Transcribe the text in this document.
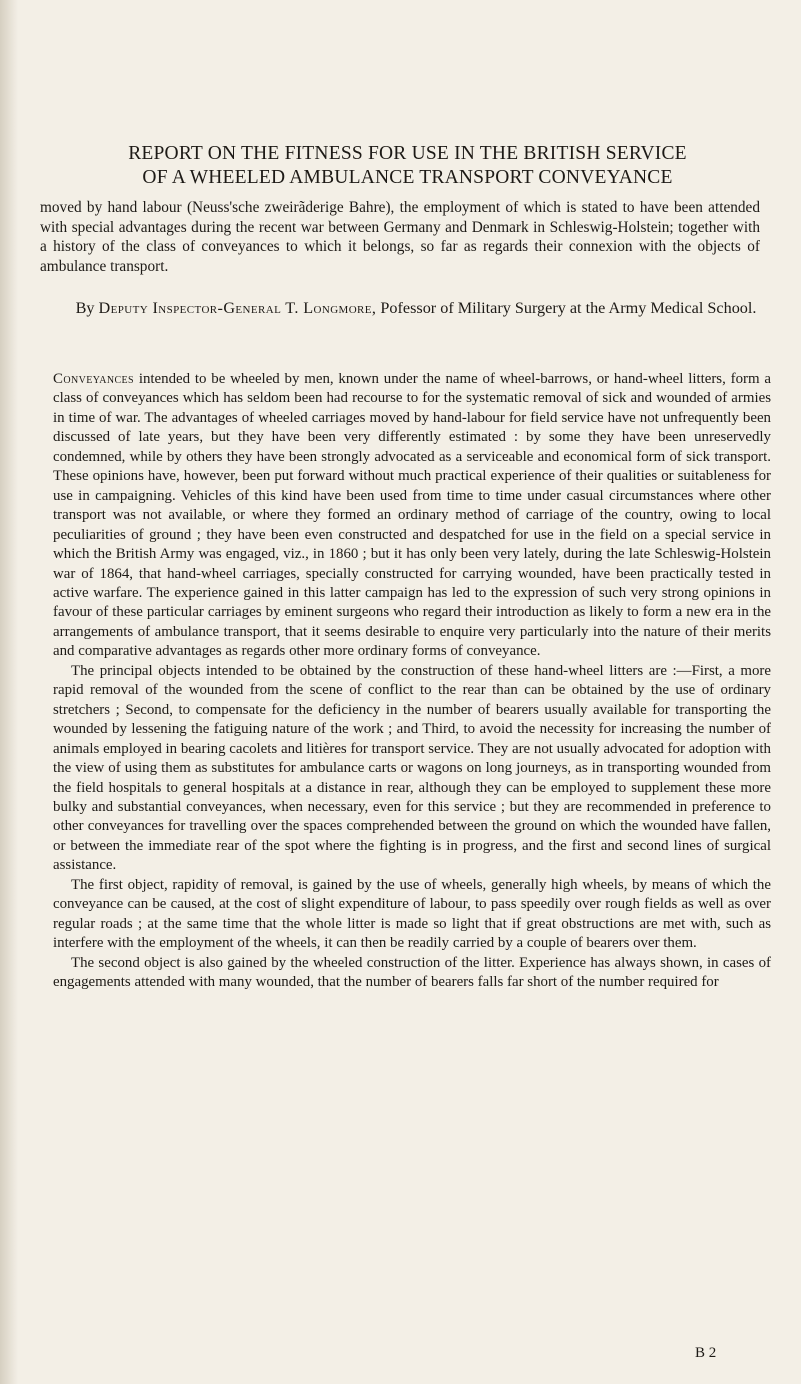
REPORT ON THE FITNESS FOR USE IN THE BRITISH SERVICE
OF A WHEELED AMBULANCE TRANSPORT CONVEYANCE
moved by hand labour (Neuss'sche zweirãderige Bahre), the employment of which is stated to have been attended with special advantages during the recent war between Germany and Denmark in Schleswig-Holstein; together with a history of the class of conveyances to which it belongs, so far as regards their connexion with the objects of ambulance transport.
By Deputy Inspector-General T. Longmore, Pofessor of Military Surgery at the Army Medical School.

Conveyances intended to be wheeled by men, known under the name of wheel-barrows, or hand-wheel litters, form a class of conveyances which has seldom been had recourse to for the systematic removal of sick and wounded of armies in time of war. The advantages of wheeled carriages moved by hand-labour for field service have not unfrequently been discussed of late years, but they have been very differently estimated : by some they have been unreservedly condemned, while by others they have been strongly advocated as a serviceable and economical form of sick transport. These opinions have, however, been put forward without much practical experience of their qualities or suitableness for use in campaigning. Vehicles of this kind have been used from time to time under casual circumstances where other transport was not available, or where they formed an ordinary method of carriage of the country, owing to local peculiarities of ground ; they have been even constructed and despatched for use in the field on a special service in which the British Army was engaged, viz., in 1860 ; but it has only been very lately, during the late Schleswig-Holstein war of 1864, that hand-wheel carriages, specially constructed for carrying wounded, have been practically tested in active warfare. The experience gained in this latter campaign has led to the expression of such very strong opinions in favour of these particular carriages by eminent surgeons who regard their introduction as likely to form a new era in the arrangements of ambulance transport, that it seems desirable to enquire very particularly into the nature of their merits and comparative advantages as regards other more ordinary forms of conveyance.

The principal objects intended to be obtained by the construction of these hand-wheel litters are :—First, a more rapid removal of the wounded from the scene of conflict to the rear than can be obtained by the use of ordinary stretchers ; Second, to compensate for the deficiency in the number of bearers usually available for transporting the wounded by lessening the fatiguing nature of the work ; and Third, to avoid the necessity for increasing the number of animals employed in bearing cacolets and litières for transport service. They are not usually advocated for adoption with the view of using them as substitutes for ambulance carts or wagons on long journeys, as in transporting wounded from the field hospitals to general hospitals at a distance in rear, although they can be employed to supplement these more bulky and substantial conveyances, when necessary, even for this service ; but they are recommended in preference to other conveyances for travelling over the spaces comprehended between the ground on which the wounded have fallen, or between the immediate rear of the spot where the fighting is in progress, and the first and second lines of surgical assistance.

The first object, rapidity of removal, is gained by the use of wheels, generally high wheels, by means of which the conveyance can be caused, at the cost of slight expenditure of labour, to pass speedily over rough fields as well as over regular roads ; at the same time that the whole litter is made so light that if great obstructions are met with, such as interfere with the employment of the wheels, it can then be readily carried by a couple of bearers over them.

The second object is also gained by the wheeled construction of the litter. Experience has always shown, in cases of engagements attended with many wounded, that the number of bearers falls far short of the number required for

B 2
